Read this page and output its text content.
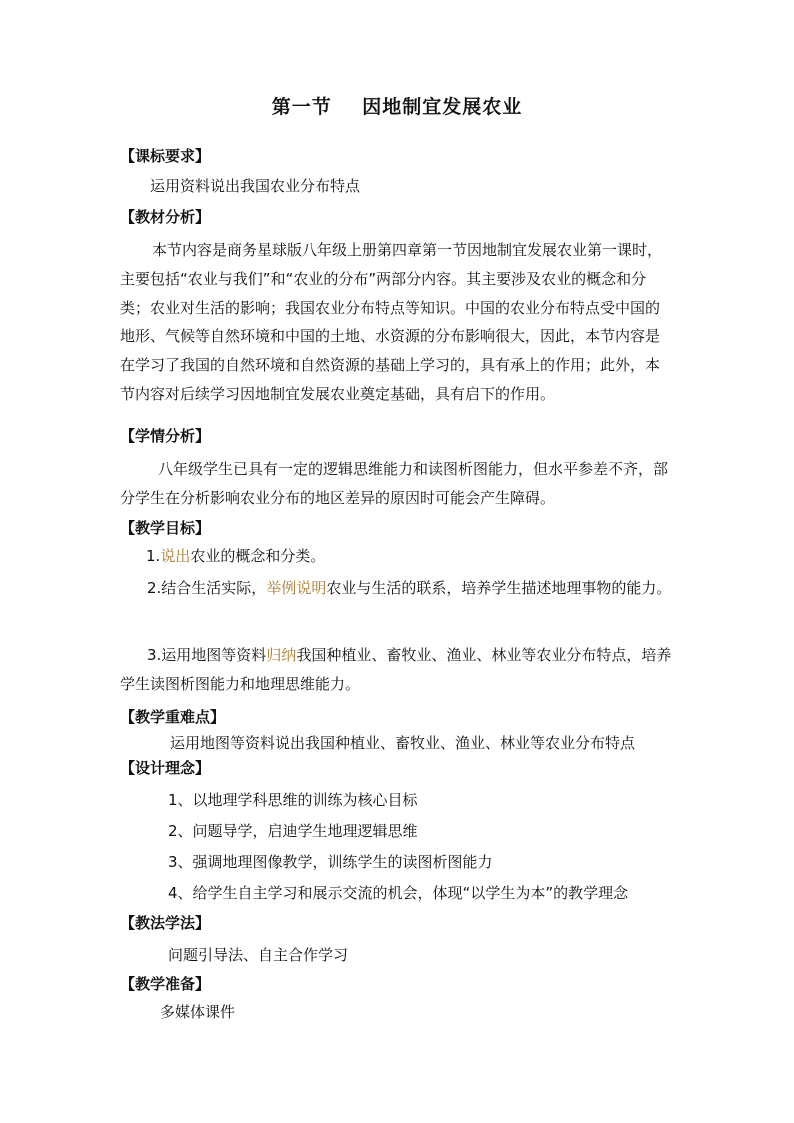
第一节    因地制宜发展农业
【课标要求】
运用资料说出我国农业分布特点
【教材分析】
本节内容是商务星球版八年级上册第四章第一节因地制宜发展农业第一课时，主要包括“农业与我们”和“农业的分布”两部分内容。其主要涉及农业的概念和分类；农业对生活的影响；我国农业分布特点等知识。中国的农业分布特点受中国的地形、气候等自然环境和中国的土地、水资源的分布影响很大，因此，本节内容是在学习了我国的自然环境和自然资源的基础上学习的，具有承上的作用；此外，本节内容对后续学习因地制宜发展农业奠定基础，具有启下的作用。
【学情分析】
八年级学生已具有一定的逻辑思维能力和读图析图能力，但水平参差不齐，部分学生在分析影响农业分布的地区差异的原因时可能会产生障碍。
【教学目标】
1.说出农业的概念和分类。
2.结合生活实际，举例说明农业与生活的联系，培养学生描述地理事物的能力。
3.运用地图等资料归纳我国种植业、畜牧业、渔业、林业等农业分布特点，培养学生读图析图能力和地理思维能力。
【教学重难点】
运用地图等资料说出我国种植业、畜牧业、渔业、林业等农业分布特点
【设计理念】
1、以地理学科思维的训练为核心目标
2、问题导学，启迪学生地理逻辑思维
3、强调地理图像教学，训练学生的读图析图能力
4、给学生自主学习和展示交流的机会，体现“以学生为本”的教学理念
【教法学法】
问题引导法、自主合作学习
【教学准备】
多媒体课件
